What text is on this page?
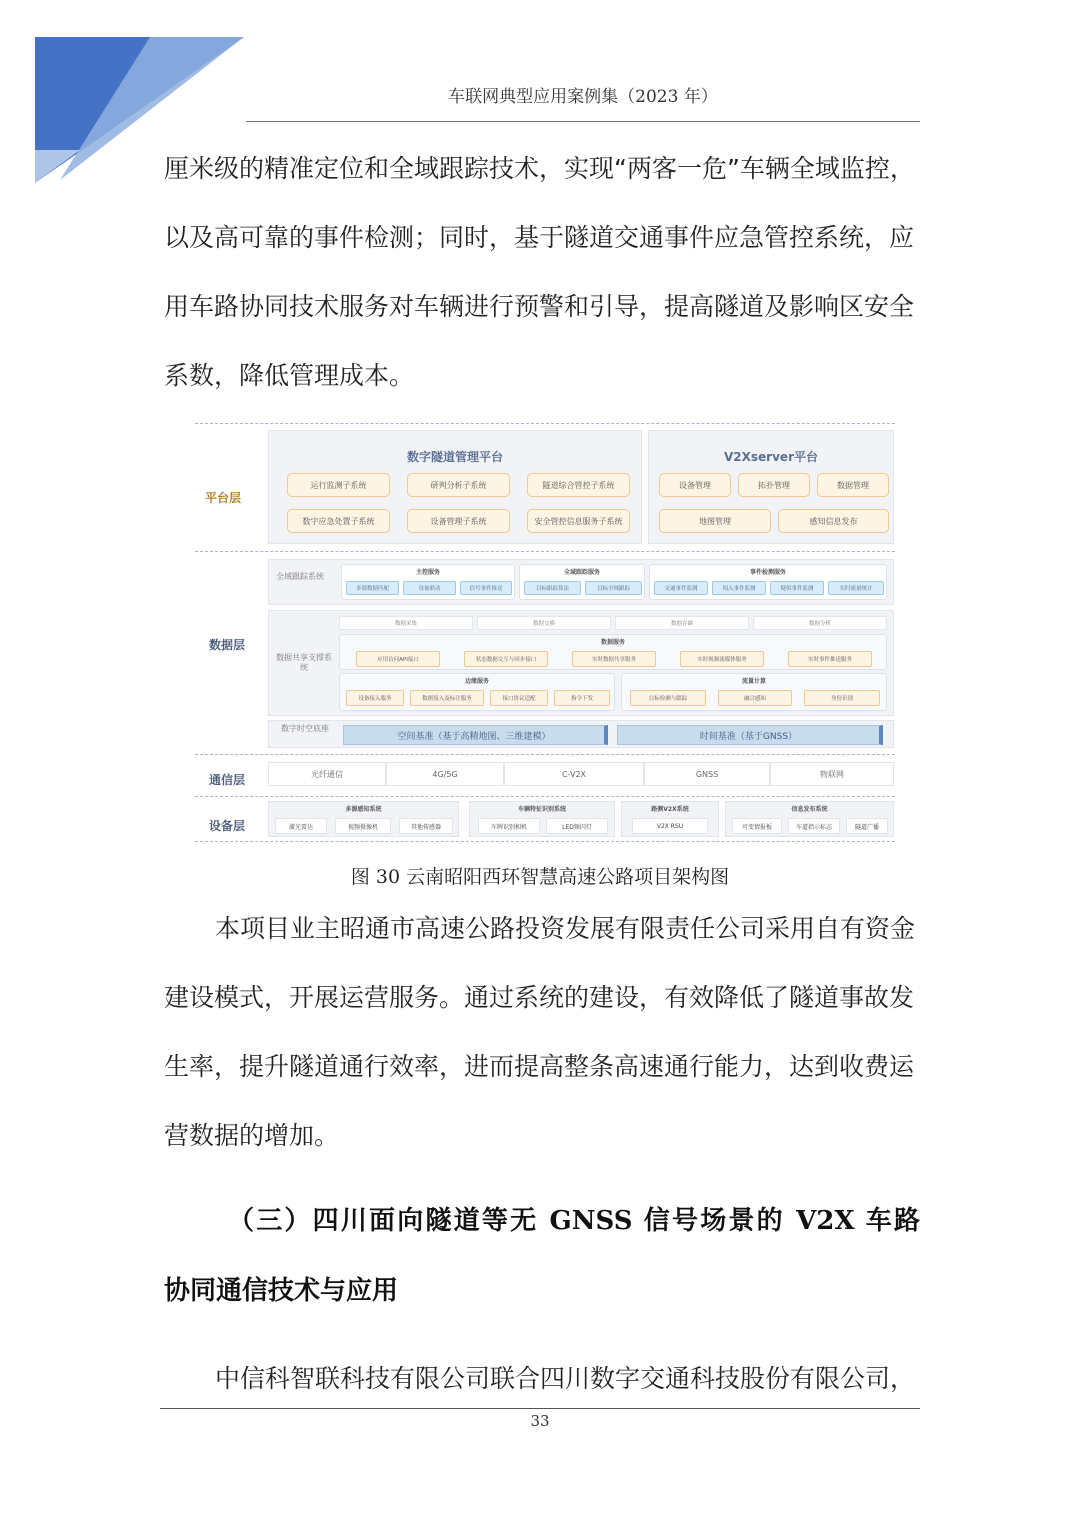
车联网典型应用案例集（2023 年）

厘米级的精准定位和全域跟踪技术，实现“两客一危”车辆全域监控，以及高可靠的事件检测；同时，基于隧道交通事件应急管控系统，应用车路协同技术服务对车辆进行预警和引导，提高隧道及影响区安全系数，降低管理成本。

平台层
数据层
通信层
设备层
数字隧道管理平台
运行监测子系统	研判分析子系统	隧道综合管控子系统
数字应急处置子系统	设备管理子系统	安全管控信息服务子系统
V2Xserver平台
设备管理	拓扑管理	数据管理
地图管理	感知信息发布
全域跟踪系统	主控服务
多源数据匹配	设备联动	信号事件推送
全域跟踪服务
目标跟踪算法	目标全域跟踪
事件检测服务
交通事件监测	闯入事件监测	疑似事件监测	实时流量统计
数据共享支撑系统
数据采集	数据交换	数据存储	数据分析
数据服务
应用访问API接口	状态数据交互与同步接口	实时数据共享服务	实时视频流媒体服务	实时事件推送服务
边缘服务
设备接入服务	数据接入及标注服务	接口协议适配	指令下发
流量计算
目标检测与跟踪	融合感知	身份识别
数字时空底座
空间基准（基于高精地图、三维建模）	时间基准（基于GNSS）
光纤通信	4G/5G	C-V2X	GNSS	物联网
多源感知系统
激光雷达	视频摄像机	其他传感器
车辆特征识别系统
车牌识别相机	LED频闪灯
路侧V2X系统
V2X RSU
信息发布系统
可变情报板	车道指示标志	隧道广播
图 30 云南昭阳西环智慧高速公路项目架构图

本项目业主昭通市高速公路投资发展有限责任公司采用自有资金建设模式，开展运营服务。通过系统的建设，有效降低了隧道事故发生率，提升隧道通行效率，进而提高整条高速通行能力，达到收费运营数据的增加。

（三）四川面向隧道等无 GNSS 信号场景的 V2X 车路
协同通信技术与应用

中信科智联科技有限公司联合四川数字交通科技股份有限公司，

33
